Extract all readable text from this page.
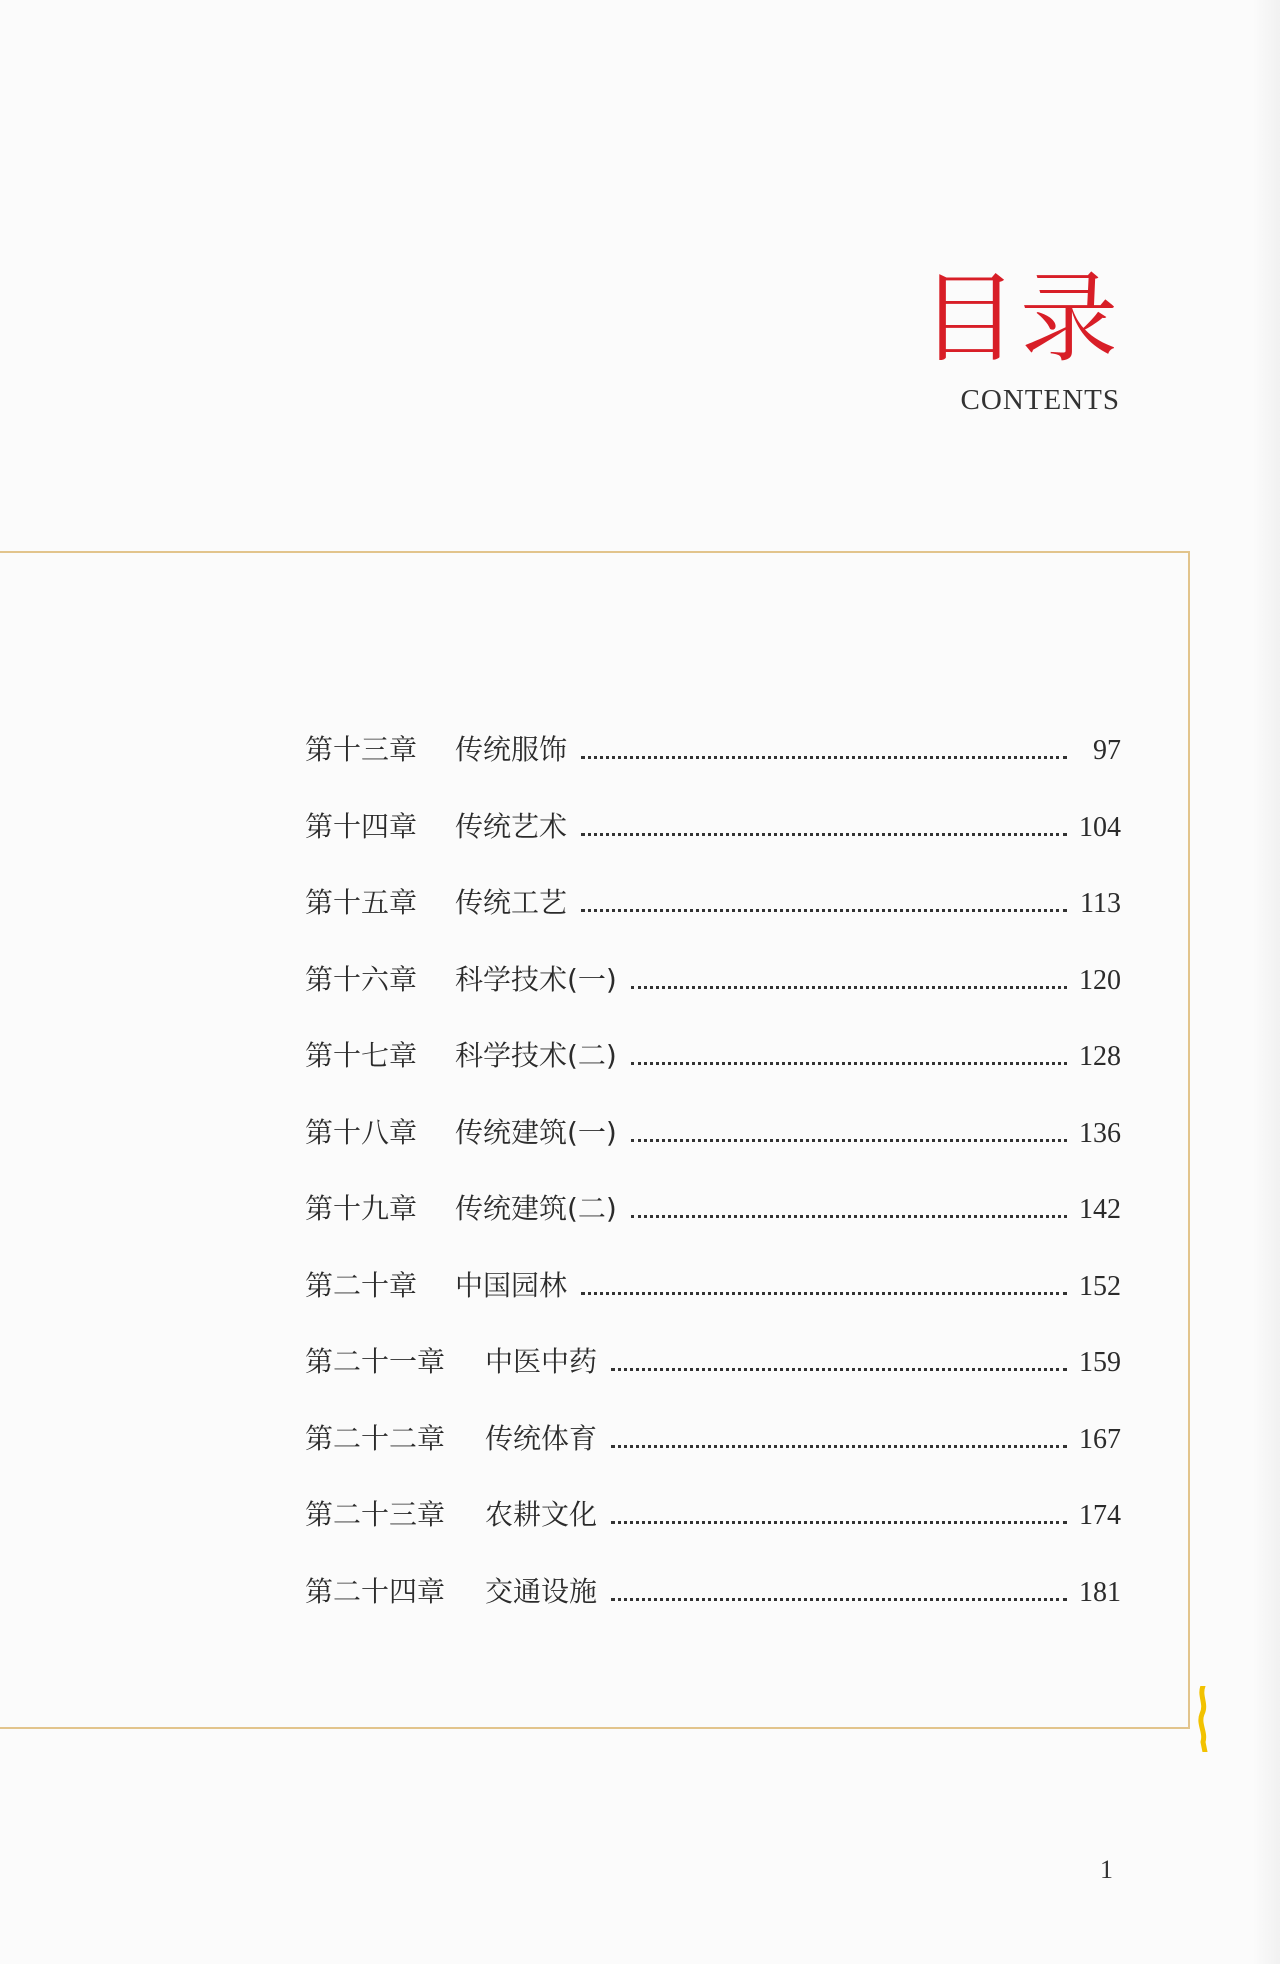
目录
CONTENTS
第十三章	传统服饰	97
第十四章	传统艺术	104
第十五章	传统工艺	113
第十六章	科学技术(一)	120
第十七章	科学技术(二)	128
第十八章	传统建筑(一)	136
第十九章	传统建筑(二)	142
第二十章	中国园林	152
第二十一章	中医中药	159
第二十二章	传统体育	167
第二十三章	农耕文化	174
第二十四章	交通设施	181
1
